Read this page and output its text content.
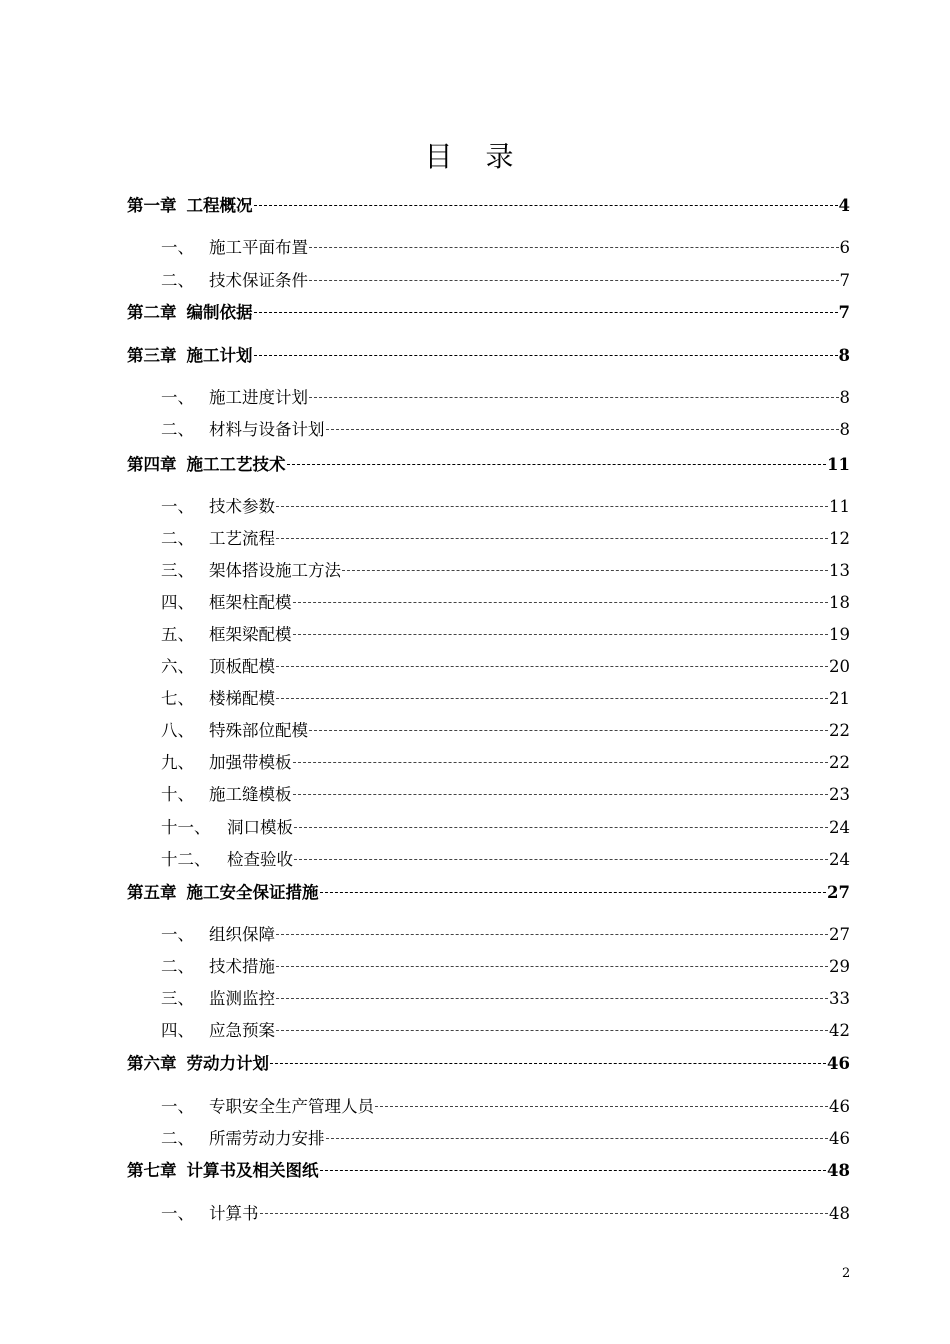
目 录
第一章 工程概况	4
一、 施工平面布置	6
二、 技术保证条件	7
第二章 编制依据	7
第三章 施工计划	8
一、 施工进度计划	8
二、 材料与设备计划	8
第四章 施工工艺技术	11
一、 技术参数	11
二、 工艺流程	12
三、 架体搭设施工方法	13
四、 框架柱配模	18
五、 框架梁配模	19
六、 顶板配模	20
七、 楼梯配模	21
八、 特殊部位配模	22
九、 加强带模板	22
十、 施工缝模板	23
十一、	洞口模板	24
十二、	检查验收	24
第五章 施工安全保证措施	27
一、 组织保障	27
二、 技术措施	29
三、 监测监控	33
四、 应急预案	42
第六章 劳动力计划	46
一、 专职安全生产管理人员	46
二、 所需劳动力安排	46
第七章 计算书及相关图纸	48
一、 计算书	48
2
